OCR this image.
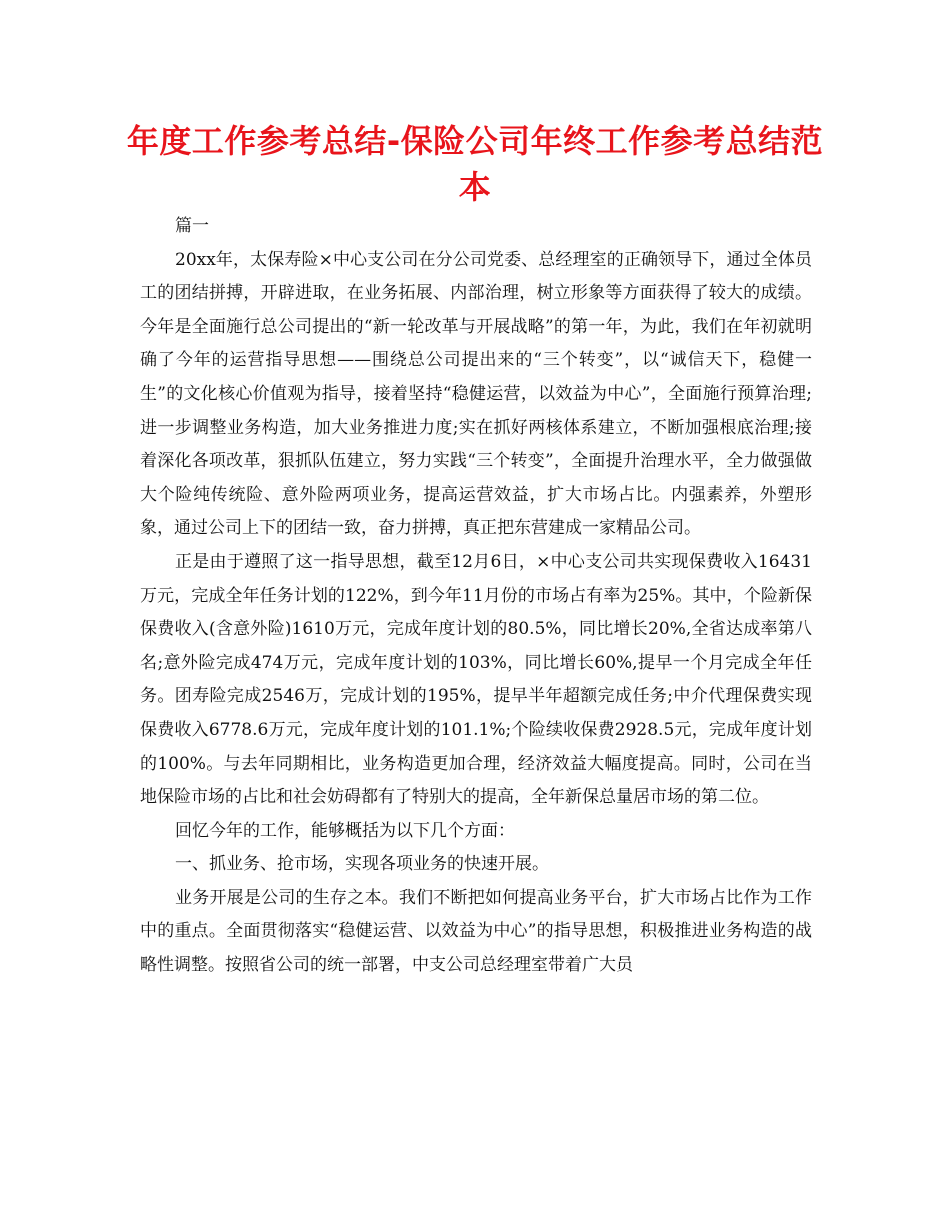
年度工作参考总结-保险公司年终工作参考总结范本

篇一

20xx年，太保寿险×中心支公司在分公司党委、总经理室的正确领导下，通过全体员工的团结拼搏，开辟进取，在业务拓展、内部治理，树立形象等方面获得了较大的成绩。今年是全面施行总公司提出的“新一轮改革与开展战略”的第一年，为此，我们在年初就明确了今年的运营指导思想——围绕总公司提出来的“三个转变”，以“诚信天下，稳健一生”的文化核心价值观为指导，接着坚持“稳健运营，以效益为中心”，全面施行预算治理;进一步调整业务构造，加大业务推进力度;实在抓好两核体系建立，不断加强根底治理;接着深化各项改革，狠抓队伍建立，努力实践“三个转变”，全面提升治理水平，全力做强做大个险纯传统险、意外险两项业务，提高运营效益，扩大市场占比。内强素养，外塑形象，通过公司上下的团结一致，奋力拼搏，真正把东营建成一家精品公司。

正是由于遵照了这一指导思想，截至12月6日，×中心支公司共实现保费收入16431万元，完成全年任务计划的122%，到今年11月份的市场占有率为25%。其中，个险新保保费收入(含意外险)1610万元，完成年度计划的80.5%，同比增长20%,全省达成率第八名;意外险完成474万元，完成年度计划的103%，同比增长60%,提早一个月完成全年任务。团寿险完成2546万，完成计划的195%，提早半年超额完成任务;中介代理保费实现保费收入6778.6万元，完成年度计划的101.1%;个险续收保费2928.5元，完成年度计划的100%。与去年同期相比，业务构造更加合理，经济效益大幅度提高。同时，公司在当地保险市场的占比和社会妨碍都有了特别大的提高，全年新保总量居市场的第二位。

回忆今年的工作，能够概括为以下几个方面：

一、抓业务、抢市场，实现各项业务的快速开展。

业务开展是公司的生存之本。我们不断把如何提高业务平台，扩大市场占比作为工作中的重点。全面贯彻落实“稳健运营、以效益为中心”的指导思想，积极推进业务构造的战略性调整。按照省公司的统一部署，中支公司总经理室带着广大员
